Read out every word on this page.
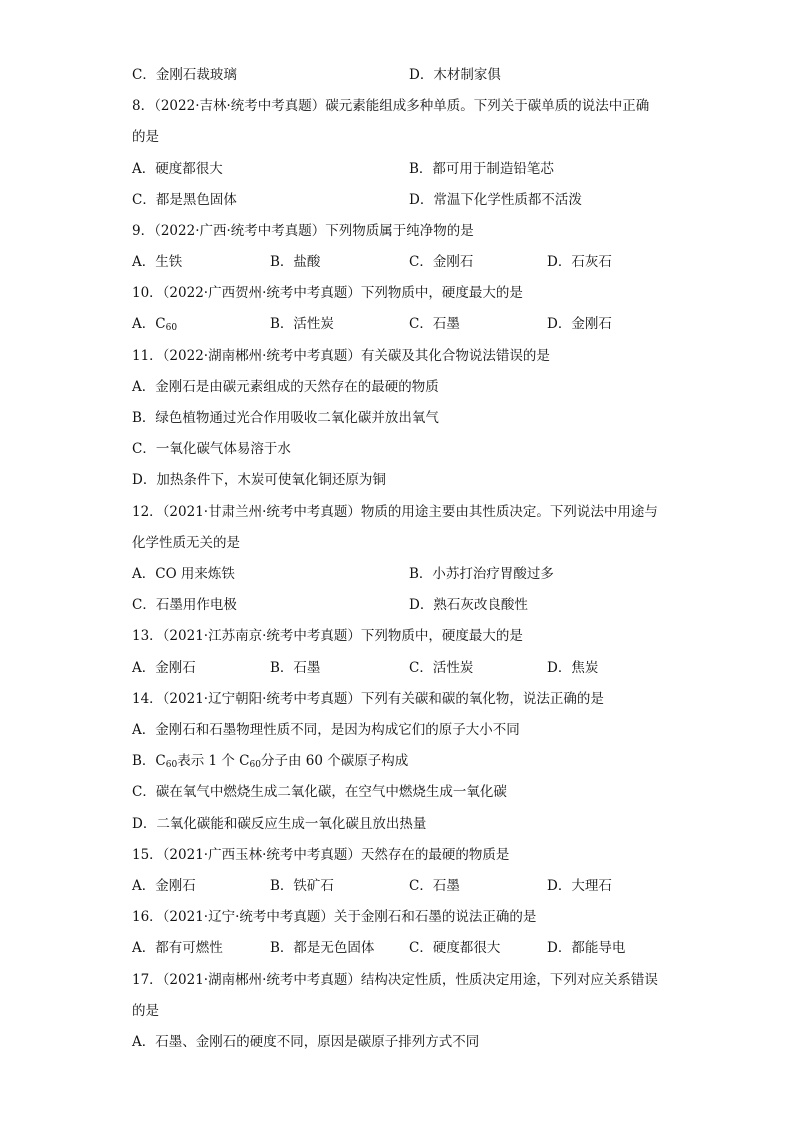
C．金刚石裁玻璃	D．木材制家俱
8．（2022·吉林·统考中考真题）碳元素能组成多种单质。下列关于碳单质的说法中正确
的是
A．硬度都很大	B．都可用于制造铅笔芯
C．都是黑色固体	D．常温下化学性质都不活泼
9．（2022·广西·统考中考真题）下列物质属于纯净物的是
A．生铁	B．盐酸	C．金刚石	D．石灰石
10．（2022·广西贺州·统考中考真题）下列物质中，硬度最大的是
A．$C_{60}$	B．活性炭	C．石墨	D．金刚石
11．（2022·湖南郴州·统考中考真题）有关碳及其化合物说法错误的是
A．金刚石是由碳元素组成的天然存在的最硬的物质
B．绿色植物通过光合作用吸收二氧化碳并放出氧气
C．一氧化碳气体易溶于水
D．加热条件下，木炭可使氧化铜还原为铜
12．（2021·甘肃兰州·统考中考真题）物质的用途主要由其性质决定。下列说法中用途与
化学性质无关的是
A．CO 用来炼铁	B．小苏打治疗胃酸过多
C．石墨用作电极	D．熟石灰改良酸性
13．（2021·江苏南京·统考中考真题）下列物质中，硬度最大的是
A．金刚石	B．石墨	C．活性炭	D．焦炭
14．（2021·辽宁朝阳·统考中考真题）下列有关碳和碳的氧化物，说法正确的是
A．金刚石和石墨物理性质不同，是因为构成它们的原子大小不同
B．$C_{60}$表示 1 个 $C_{60}$分子由 60 个碳原子构成
C．碳在氧气中燃烧生成二氧化碳，在空气中燃烧生成一氧化碳
D．二氧化碳能和碳反应生成一氧化碳且放出热量
15．（2021·广西玉林·统考中考真题）天然存在的最硬的物质是
A．金刚石	B．铁矿石	C．石墨	D．大理石
16．（2021·辽宁·统考中考真题）关于金刚石和石墨的说法正确的是
A．都有可燃性	B．都是无色固体	C．硬度都很大	D．都能导电
17．（2021·湖南郴州·统考中考真题）结构决定性质，性质决定用途，下列对应关系错误
的是
A．石墨、金刚石的硬度不同，原因是碳原子排列方式不同
